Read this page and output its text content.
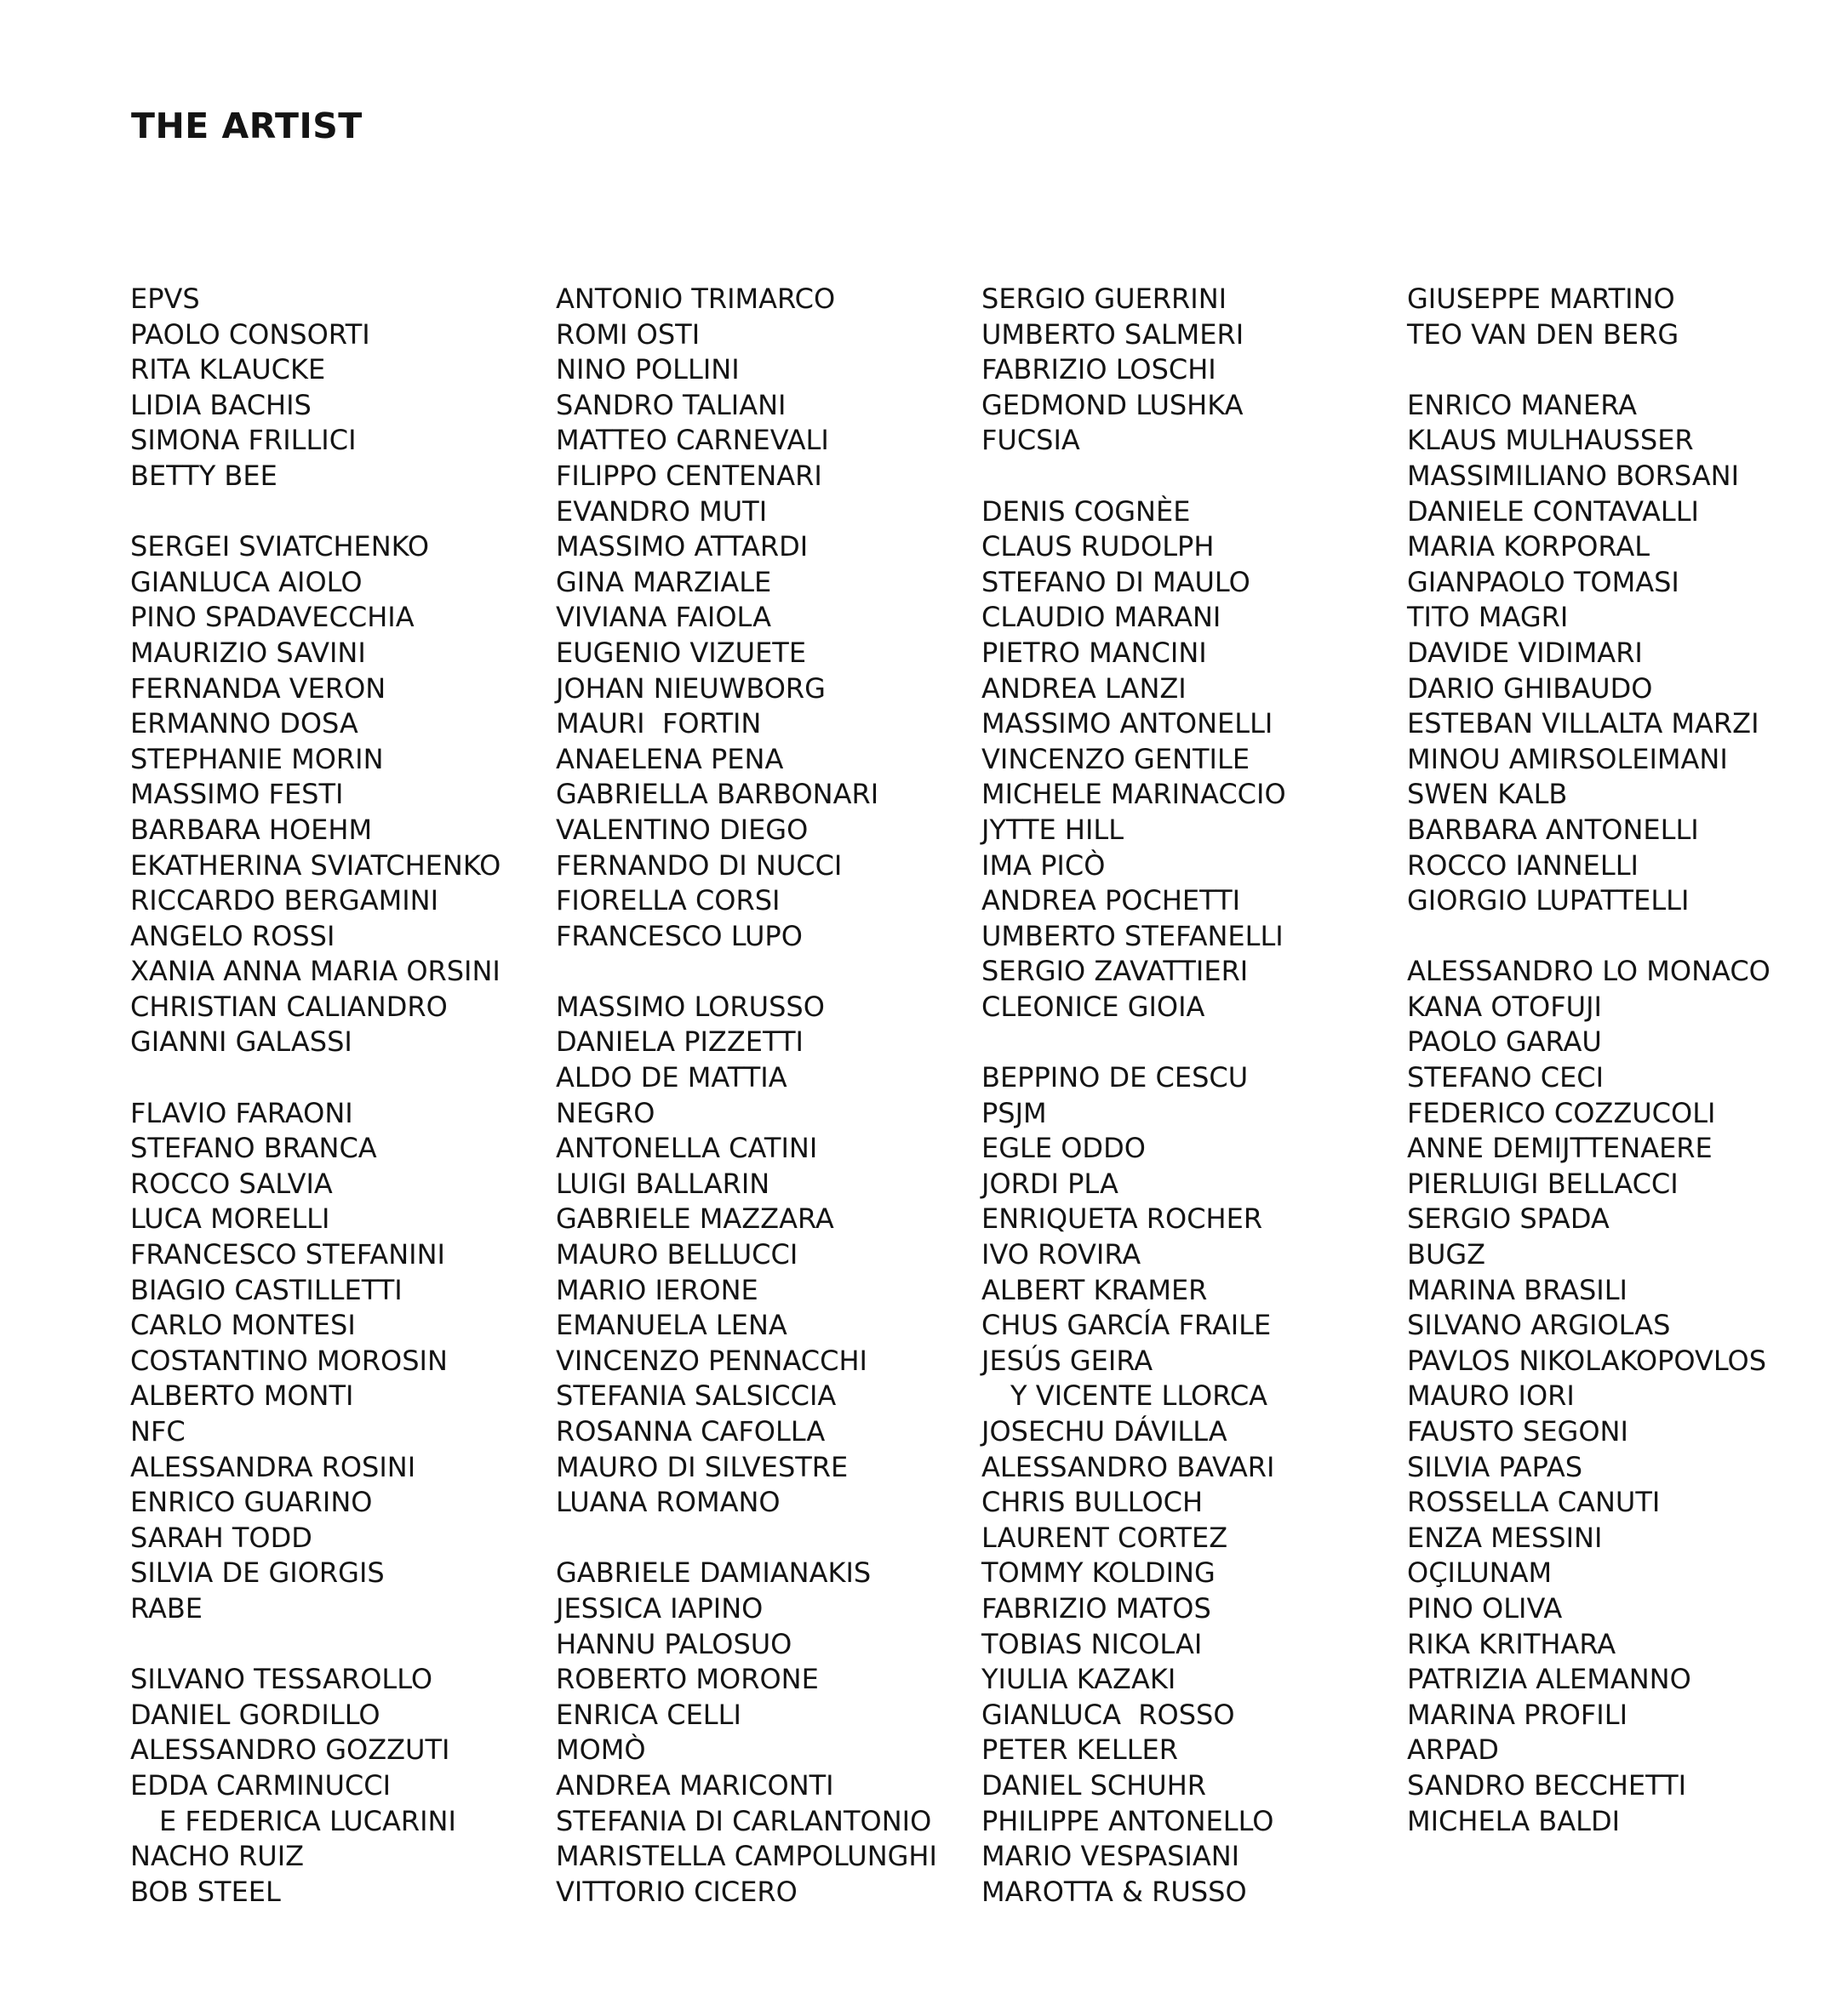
THE ARTIST
EPVS
PAOLO CONSORTI
RITA KLAUCKE
LIDIA BACHIS
SIMONA FRILLICI
BETTY BEE
SERGEI SVIATCHENKO
GIANLUCA AIOLO
PINO SPADAVECCHIA
MAURIZIO SAVINI
FERNANDA VERON
ERMANNO DOSA
STEPHANIE MORIN
MASSIMO FESTI
BARBARA HOEHM
EKATHERINA SVIATCHENKO
RICCARDO BERGAMINI
ANGELO ROSSI
XANIA ANNA MARIA ORSINI
CHRISTIAN CALIANDRO
GIANNI GALASSI
FLAVIO FARAONI
STEFANO BRANCA
ROCCO SALVIA
LUCA MORELLI
FRANCESCO STEFANINI
BIAGIO CASTILLETTI
CARLO MONTESI
COSTANTINO MOROSIN
ALBERTO MONTI
NFC
ALESSANDRA ROSINI
ENRICO GUARINO
SARAH TODD
SILVIA DE GIORGIS
RABE
SILVANO TESSAROLLO
DANIEL GORDILLO
ALESSANDRO GOZZUTI
EDDA CARMINUCCI
E FEDERICA LUCARINI
NACHO RUIZ
BOB STEEL
ANTONIO TRIMARCO
ROMI OSTI
NINO POLLINI
SANDRO TALIANI
MATTEO CARNEVALI
FILIPPO CENTENARI
EVANDRO MUTI
MASSIMO ATTARDI
GINA MARZIALE
VIVIANA FAIOLA
EUGENIO VIZUETE
JOHAN NIEUWBORG
MAURI  FORTIN
ANAELENA PENA
GABRIELLA BARBONARI
VALENTINO DIEGO
FERNANDO DI NUCCI
FIORELLA CORSI
FRANCESCO LUPO
MASSIMO LORUSSO
DANIELA PIZZETTI
ALDO DE MATTIA
NEGRO
ANTONELLA CATINI
LUIGI BALLARIN
GABRIELE MAZZARA
MAURO BELLUCCI
MARIO IERONE
EMANUELA LENA
VINCENZO PENNACCHI
STEFANIA SALSICCIA
ROSANNA CAFOLLA
MAURO DI SILVESTRE
LUANA ROMANO
GABRIELE DAMIANAKIS
JESSICA IAPINO
HANNU PALOSUO
ROBERTO MORONE
ENRICA CELLI
MOMÒ
ANDREA MARICONTI
STEFANIA DI CARLANTONIO
MARISTELLA CAMPOLUNGHI
VITTORIO CICERO
SERGIO GUERRINI
UMBERTO SALMERI
FABRIZIO LOSCHI
GEDMOND LUSHKA
FUCSIA
DENIS COGNÈE
CLAUS RUDOLPH
STEFANO DI MAULO
CLAUDIO MARANI
PIETRO MANCINI
ANDREA LANZI
MASSIMO ANTONELLI
VINCENZO GENTILE
MICHELE MARINACCIO
JYTTE HILL
IMA PICÒ
ANDREA POCHETTI
UMBERTO STEFANELLI
SERGIO ZAVATTIERI
CLEONICE GIOIA
BEPPINO DE CESCU
PSJM
EGLE ODDO
JORDI PLA
ENRIQUETA ROCHER
IVO ROVIRA
ALBERT KRAMER
CHUS GARCÍA FRAILE
JESÚS GEIRA
Y VICENTE LLORCA
JOSECHU DÁVILLA
ALESSANDRO BAVARI
CHRIS BULLOCH
LAURENT CORTEZ
TOMMY KOLDING
FABRIZIO MATOS
TOBIAS NICOLAI
YIULIA KAZAKI
GIANLUCA  ROSSO
PETER KELLER
DANIEL SCHUHR
PHILIPPE ANTONELLO
MARIO VESPASIANI
MAROTTA & RUSSO
GIUSEPPE MARTINO
TEO VAN DEN BERG
ENRICO MANERA
KLAUS MULHAUSSER
MASSIMILIANO BORSANI
DANIELE CONTAVALLI
MARIA KORPORAL
GIANPAOLO TOMASI
TITO MAGRI
DAVIDE VIDIMARI
DARIO GHIBAUDO
ESTEBAN VILLALTA MARZI
MINOU AMIRSOLEIMANI
SWEN KALB
BARBARA ANTONELLI
ROCCO IANNELLI
GIORGIO LUPATTELLI
ALESSANDRO LO MONACO
KANA OTOFUJI
PAOLO GARAU
STEFANO CECI
FEDERICO COZZUCOLI
ANNE DEMIJTTENAERE
PIERLUIGI BELLACCI
SERGIO SPADA
BUGZ
MARINA BRASILI
SILVANO ARGIOLAS
PAVLOS NIKOLAKOPOVLOS
MAURO IORI
FAUSTO SEGONI
SILVIA PAPAS
ROSSELLA CANUTI
ENZA MESSINI
OÇILUNAM
PINO OLIVA
RIKA KRITHARA
PATRIZIA ALEMANNO
MARINA PROFILI
ARPAD
SANDRO BECCHETTI
MICHELA BALDI
